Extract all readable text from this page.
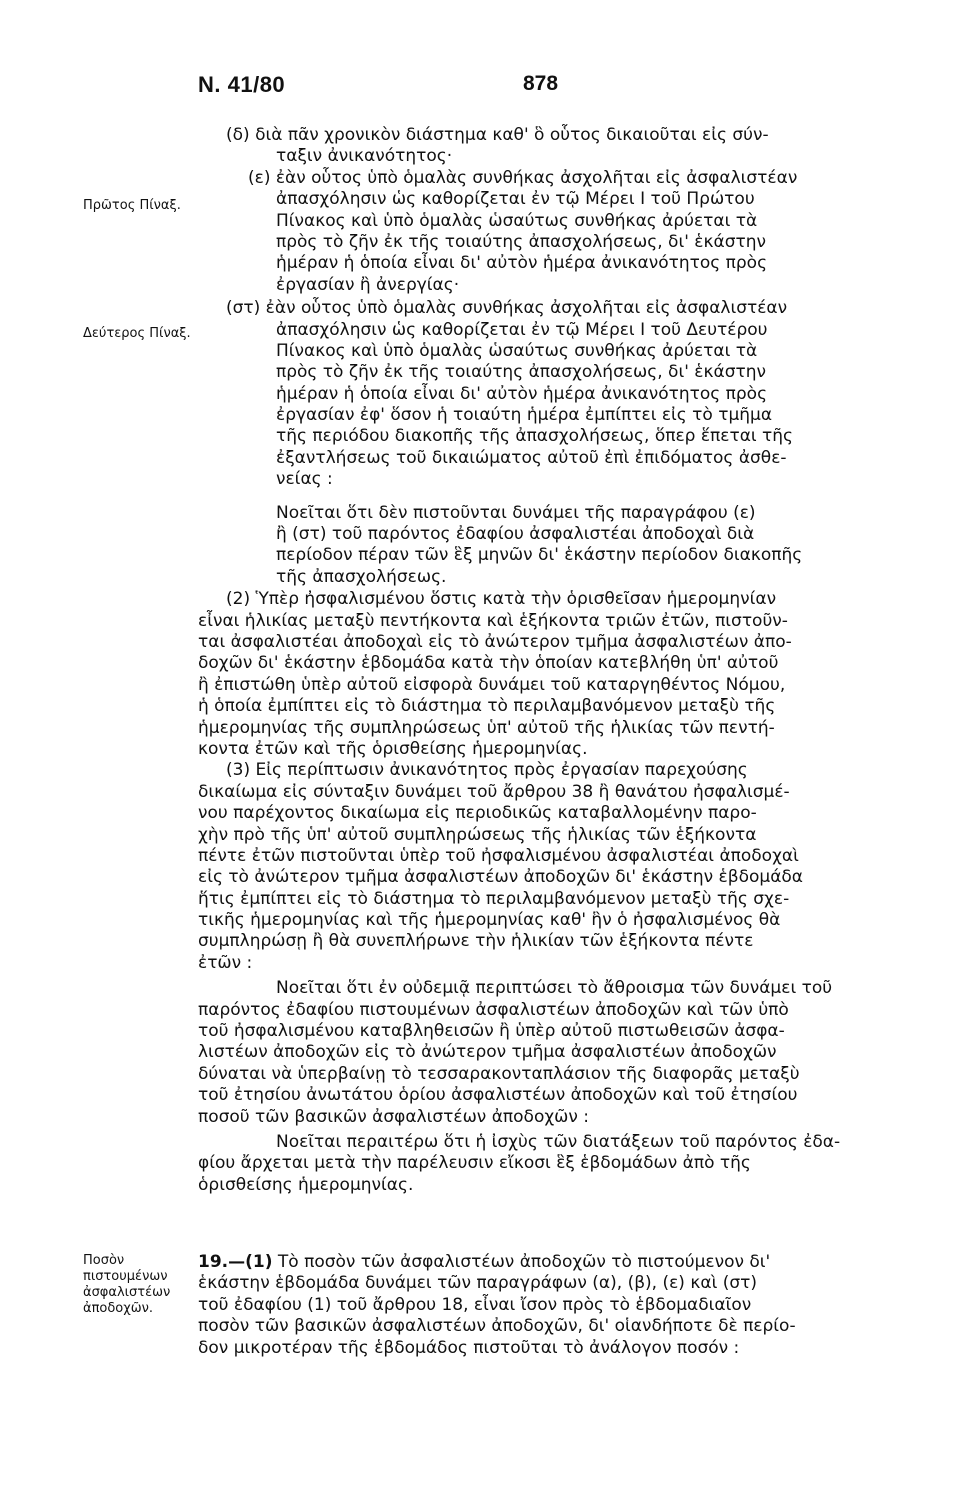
Ν. 41/80	878
Πρῶτος Πίναξ.
Δεύτερος Πίναξ.
Ποσὸν πιστουμένων ἀσφαλιστέων ἀποδοχῶν.
(δ) διὰ πᾶν χρονικὸν διάστημα καθ' ὃ οὗτος δικαιοῦται εἰς σύν-
ταξιν ἀνικανότητος·
(ε) ἐὰν οὗτος ὑπὸ ὁμαλὰς συνθήκας ἀσχολῆται εἰς ἀσφαλιστέαν
ἀπασχόλησιν ὡς καθορίζεται ἐν τῷ Μέρει Ι τοῦ Πρώτου
Πίνακος καὶ ὑπὸ ὁμαλὰς ὡσαύτως συνθήκας ἀρύεται τὰ
πρὸς τὸ ζῆν ἐκ τῆς τοιαύτης ἀπασχολήσεως, δι' ἑκάστην
ἡμέραν ἡ ὁποία εἶναι δι' αὐτὸν ἡμέρα ἀνικανότητος πρὸς
ἐργασίαν ἢ ἀνεργίας·
(στ) ἐὰν οὗτος ὑπὸ ὁμαλὰς συνθήκας ἀσχολῆται εἰς ἀσφαλιστέαν
ἀπασχόλησιν ὡς καθορίζεται ἐν τῷ Μέρει Ι τοῦ Δευτέρου
Πίνακος καὶ ὑπὸ ὁμαλὰς ὡσαύτως συνθήκας ἀρύεται τὰ
πρὸς τὸ ζῆν ἐκ τῆς τοιαύτης ἀπασχολήσεως, δι' ἑκάστην
ἡμέραν ἡ ὁποία εἶναι δι' αὐτὸν ἡμέρα ἀνικανότητος πρὸς
ἐργασίαν ἐφ' ὅσον ἡ τοιαύτη ἡμέρα ἐμπίπτει εἰς τὸ τμῆμα
τῆς περιόδου διακοπῆς τῆς ἀπασχολήσεως, ὅπερ ἕπεται τῆς
ἐξαντλήσεως τοῦ δικαιώματος αὐτοῦ ἐπὶ ἐπιδόματος ἀσθε-
νείας :
Νοεῖται ὅτι δὲν πιστοῦνται δυνάμει τῆς παραγράφου (ε)
ἢ (στ) τοῦ παρόντος ἐδαφίου ἀσφαλιστέαι ἀποδοχαὶ διὰ
περίοδον πέραν τῶν ἓξ μηνῶν δι' ἑκάστην περίοδον διακοπῆς
τῆς ἀπασχολήσεως.
(2) Ὑπὲρ ἠσφαλισμένου ὅστις κατὰ τὴν ὁρισθεῖσαν ἡμερομηνίαν
εἶναι ἡλικίας μεταξὺ πεντήκοντα καὶ ἑξήκοντα τριῶν ἐτῶν, πιστοῦν-
ται ἀσφαλιστέαι ἀποδοχαὶ εἰς τὸ ἀνώτερον τμῆμα ἀσφαλιστέων ἀπο-
δοχῶν δι' ἑκάστην ἑβδομάδα κατὰ τὴν ὁποίαν κατεβλήθη ὑπ' αὐτοῦ
ἢ ἐπιστώθη ὑπὲρ αὐτοῦ εἰσφορὰ δυνάμει τοῦ καταργηθέντος Νόμου,
ἡ ὁποία ἐμπίπτει εἰς τὸ διάστημα τὸ περιλαμβανόμενον μεταξὺ τῆς
ἡμερομηνίας τῆς συμπληρώσεως ὑπ' αὐτοῦ τῆς ἡλικίας τῶν πεντή-
κοντα ἐτῶν καὶ τῆς ὁρισθείσης ἡμερομηνίας.
(3) Εἰς περίπτωσιν ἀνικανότητος πρὸς ἐργασίαν παρεχούσης
δικαίωμα εἰς σύνταξιν δυνάμει τοῦ ἄρθρου 38 ἢ θανάτου ἠσφαλισμέ-
νου παρέχοντος δικαίωμα εἰς περιοδικῶς καταβαλλομένην παρο-
χὴν πρὸ τῆς ὑπ' αὐτοῦ συμπληρώσεως τῆς ἡλικίας τῶν ἑξήκοντα
πέντε ἐτῶν πιστοῦνται ὑπὲρ τοῦ ἠσφαλισμένου ἀσφαλιστέαι ἀποδοχαὶ
εἰς τὸ ἀνώτερον τμῆμα ἀσφαλιστέων ἀποδοχῶν δι' ἑκάστην ἑβδομάδα
ἥτις ἐμπίπτει εἰς τὸ διάστημα τὸ περιλαμβανόμενον μεταξὺ τῆς σχε-
τικῆς ἡμερομηνίας καὶ τῆς ἡμερομηνίας καθ' ἣν ὁ ἠσφαλισμένος θὰ
συμπληρώσῃ ἢ θὰ συνεπλήρωνε τὴν ἡλικίαν τῶν ἑξήκοντα πέντε
ἐτῶν :
Νοεῖται ὅτι ἐν οὐδεμιᾷ περιπτώσει τὸ ἄθροισμα τῶν δυνάμει τοῦ
παρόντος ἐδαφίου πιστουμένων ἀσφαλιστέων ἀποδοχῶν καὶ τῶν ὑπὸ
τοῦ ἠσφαλισμένου καταβληθεισῶν ἢ ὑπὲρ αὐτοῦ πιστωθεισῶν ἀσφα-
λιστέων ἀποδοχῶν εἰς τὸ ἀνώτερον τμῆμα ἀσφαλιστέων ἀποδοχῶν
δύναται νὰ ὑπερβαίνῃ τὸ τεσσαρακονταπλάσιον τῆς διαφορᾶς μεταξὺ
τοῦ ἐτησίου ἀνωτάτου ὁρίου ἀσφαλιστέων ἀποδοχῶν καὶ τοῦ ἐτησίου
ποσοῦ τῶν βασικῶν ἀσφαλιστέων ἀποδοχῶν :
Νοεῖται περαιτέρω ὅτι ἡ ἰσχὺς τῶν διατάξεων τοῦ παρόντος ἐδα-
φίου ἄρχεται μετὰ τὴν παρέλευσιν εἴκοσι ἓξ ἑβδομάδων ἀπὸ τῆς
ὁρισθείσης ἡμερομηνίας.
19.—(1) Τὸ ποσὸν τῶν ἀσφαλιστέων ἀποδοχῶν τὸ πιστούμενον δι'
ἑκάστην ἑβδομάδα δυνάμει τῶν παραγράφων (α), (β), (ε) καὶ (στ)
τοῦ ἐδαφίου (1) τοῦ ἄρθρου 18, εἶναι ἴσον πρὸς τὸ ἑβδομαδιαῖον
ποσὸν τῶν βασικῶν ἀσφαλιστέων ἀποδοχῶν, δι' οἱανδήποτε δὲ περίο-
δον μικροτέραν τῆς ἑβδομάδος πιστοῦται τὸ ἀνάλογον ποσόν :
